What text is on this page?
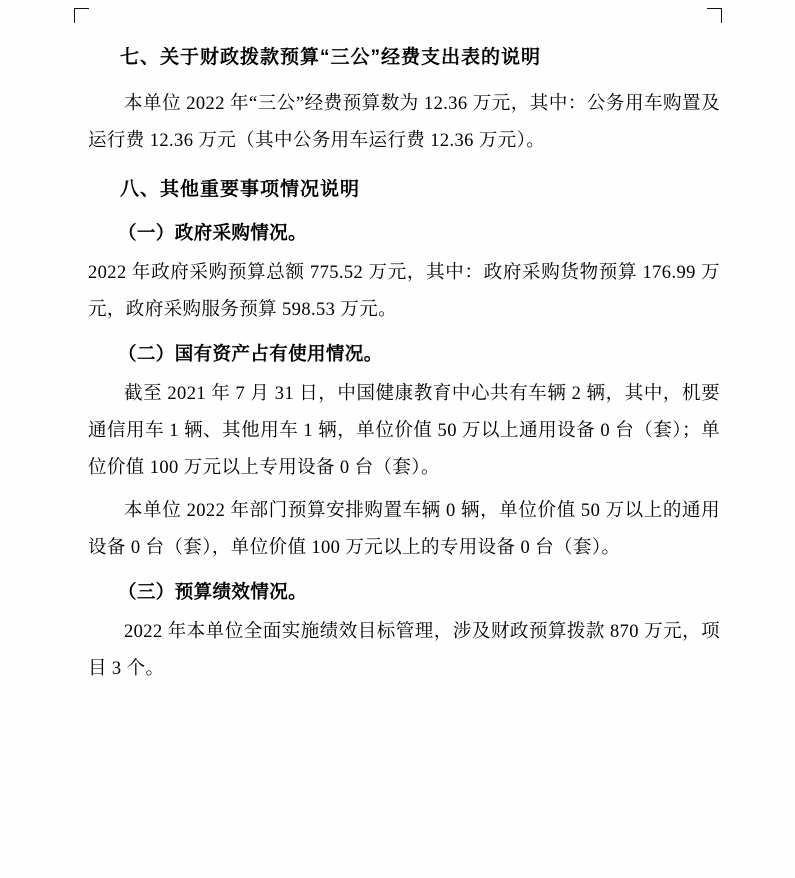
七、关于财政拨款预算“三公”经费支出表的说明

本单位 2022 年“三公”经费预算数为 12.36 万元，其中：公务用车购置及运行费 12.36 万元（其中公务用车运行费 12.36 万元）。

八、其他重要事项情况说明

（一）政府采购情况。

2022 年政府采购预算总额 775.52 万元，其中：政府采购货物预算 176.99 万元，政府采购服务预算 598.53 万元。

（二）国有资产占有使用情况。

截至 2021 年 7 月 31 日，中国健康教育中心共有车辆 2 辆，其中，机要通信用车 1 辆、其他用车 1 辆，单位价值 50 万以上通用设备 0 台（套）；单位价值 100 万元以上专用设备 0 台（套）。

本单位 2022 年部门预算安排购置车辆 0 辆，单位价值 50 万以上的通用设备 0 台（套），单位价值 100 万元以上的专用设备 0 台（套）。

（三）预算绩效情况。

2022 年本单位全面实施绩效目标管理，涉及财政预算拨款 870 万元，项目 3 个。
